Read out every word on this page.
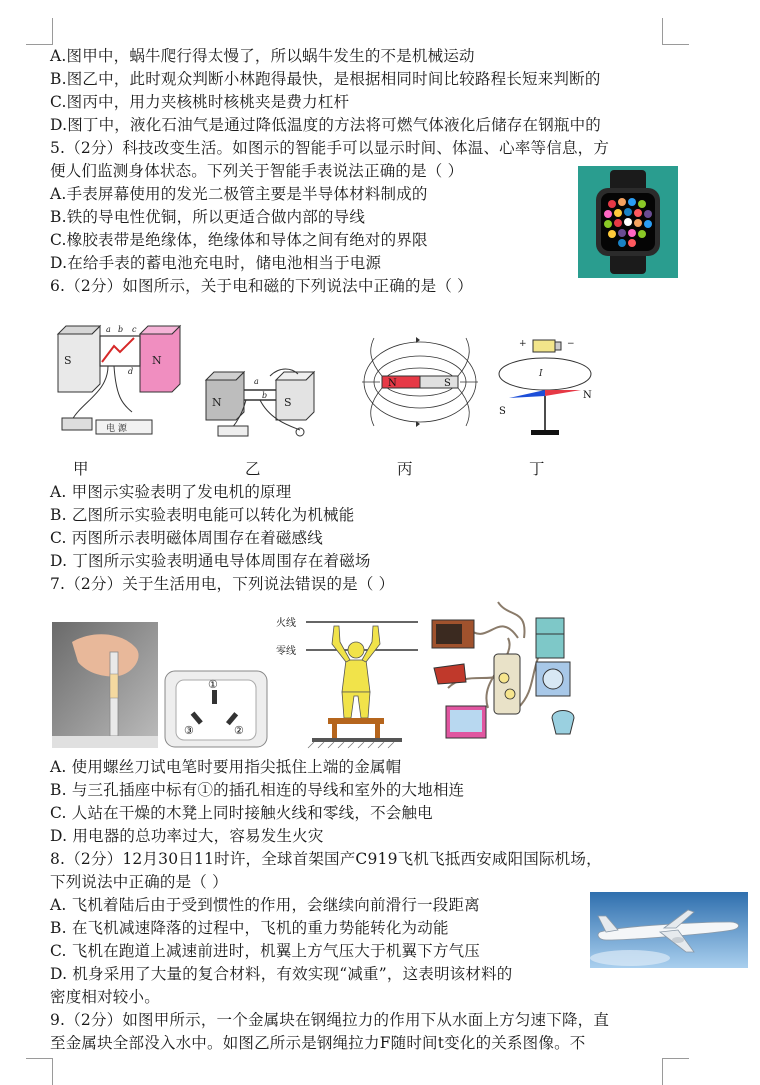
A.图甲中，蜗牛爬行得太慢了，所以蜗牛发生的不是机械运动
B.图乙中，此时观众判断小林跑得最快，是根据相同时间比较路程长短来判断的
C.图丙中，用力夹核桃时核桃夹是费力杠杆
D.图丁中，液化石油气是通过降低温度的方法将可燃气体液化后储存在钢瓶中的
5.（2分）科技改变生活。如图示的智能手可以显示时间、体温、心率等信息，方
便人们监测身体状态。下列关于智能手表说法正确的是（ ）
A.手表屏幕使用的发光二极管主要是半导体材料制成的
B.铁的导电性优铜，所以更适合做内部的导线
C.橡胶表带是绝缘体，绝缘体和导体之间有绝对的界限
D.在给手表的蓄电池充电时，储电池相当于电源
6.（2分）如图所示，关于电和磁的下列说法中正确的是（ ）
S	N
a b c
d
电 源
N	S
a
b
N	S
+	−
I
S
N
甲	乙	丙	丁
A. 甲图示实验表明了发电机的原理
B. 乙图所示实验表明电能可以转化为机械能
C. 丙图所示表明磁体周围存在着磁感线
D. 丁图所示实验表明通电导体周围存在着磁场
7.（2分）关于生活用电，下列说法错误的是（ ）
①
③	②
火线
零线
A. 使用螺丝刀试电笔时要用指尖抵住上端的金属帽
B. 与三孔插座中标有①的插孔相连的导线和室外的大地相连
C. 人站在干燥的木凳上同时接触火线和零线，不会触电
D. 用电器的总功率过大，容易发生火灾
8.（2分）12月30日11时许，全球首架国产C919飞机飞抵西安咸阳国际机场，
下列说法中正确的是（ ）
A. 飞机着陆后由于受到惯性的作用，会继续向前滑行一段距离
B. 在飞机减速降落的过程中，飞机的重力势能转化为动能
C. 飞机在跑道上减速前进时，机翼上方气压大于机翼下方气压
D. 机身采用了大量的复合材料，有效实现“减重”，这表明该材料的
密度相对较小。
9.（2分）如图甲所示，一个金属块在钢绳拉力的作用下从水面上方匀速下降，直
至金属块全部没入水中。如图乙所示是钢绳拉力F随时间t变化的关系图像。不
